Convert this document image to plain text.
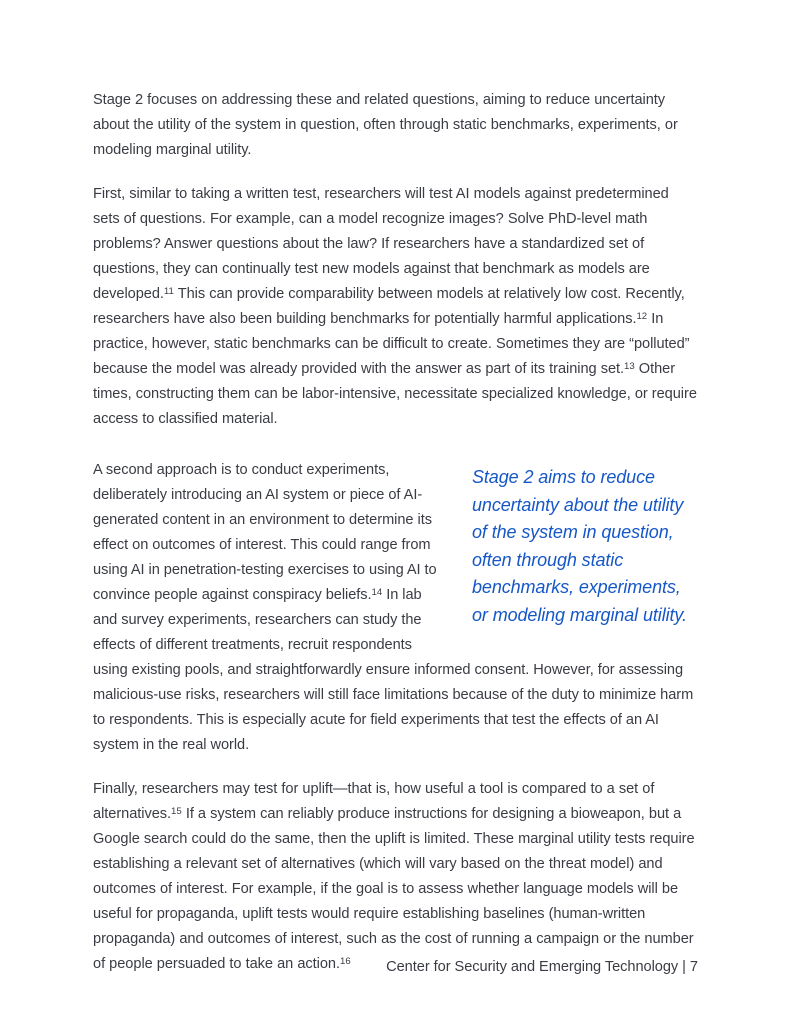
Stage 2 focuses on addressing these and related questions, aiming to reduce uncertainty about the utility of the system in question, often through static benchmarks, experiments, or modeling marginal utility.

First, similar to taking a written test, researchers will test AI models against predetermined sets of questions. For example, can a model recognize images? Solve PhD-level math problems? Answer questions about the law? If researchers have a standardized set of questions, they can continually test new models against that benchmark as models are developed.$^{11}$ This can provide comparability between models at relatively low cost. Recently, researchers have also been building benchmarks for potentially harmful applications.$^{12}$ In practice, however, static benchmarks can be difficult to create. Sometimes they are “polluted” because the model was already provided with the answer as part of its training set.$^{13}$ Other times, constructing them can be labor-intensive, necessitate specialized knowledge, or require access to classified material.

Stage 2 aims to reduce uncertainty about the utility of the system in question, often through static benchmarks, experiments, or modeling marginal utility.

A second approach is to conduct experiments, deliberately introducing an AI system or piece of AI-generated content in an environment to determine its effect on outcomes of interest. This could range from using AI in penetration-testing exercises to using AI to convince people against conspiracy beliefs.$^{14}$ In lab and survey experiments, researchers can study the effects of different treatments, recruit respondents using existing pools, and straightforwardly ensure informed consent. However, for assessing malicious-use risks, researchers will still face limitations because of the duty to minimize harm to respondents. This is especially acute for field experiments that test the effects of an AI system in the real world.

Finally, researchers may test for uplift—that is, how useful a tool is compared to a set of alternatives.$^{15}$ If a system can reliably produce instructions for designing a bioweapon, but a Google search could do the same, then the uplift is limited. These marginal utility tests require establishing a relevant set of alternatives (which will vary based on the threat model) and outcomes of interest. For example, if the goal is to assess whether language models will be useful for propaganda, uplift tests would require establishing baselines (human-written propaganda) and outcomes of interest, such as the cost of running a campaign or the number of people persuaded to take an action.$^{16}$	Center for Security and Emerging Technology | 7
